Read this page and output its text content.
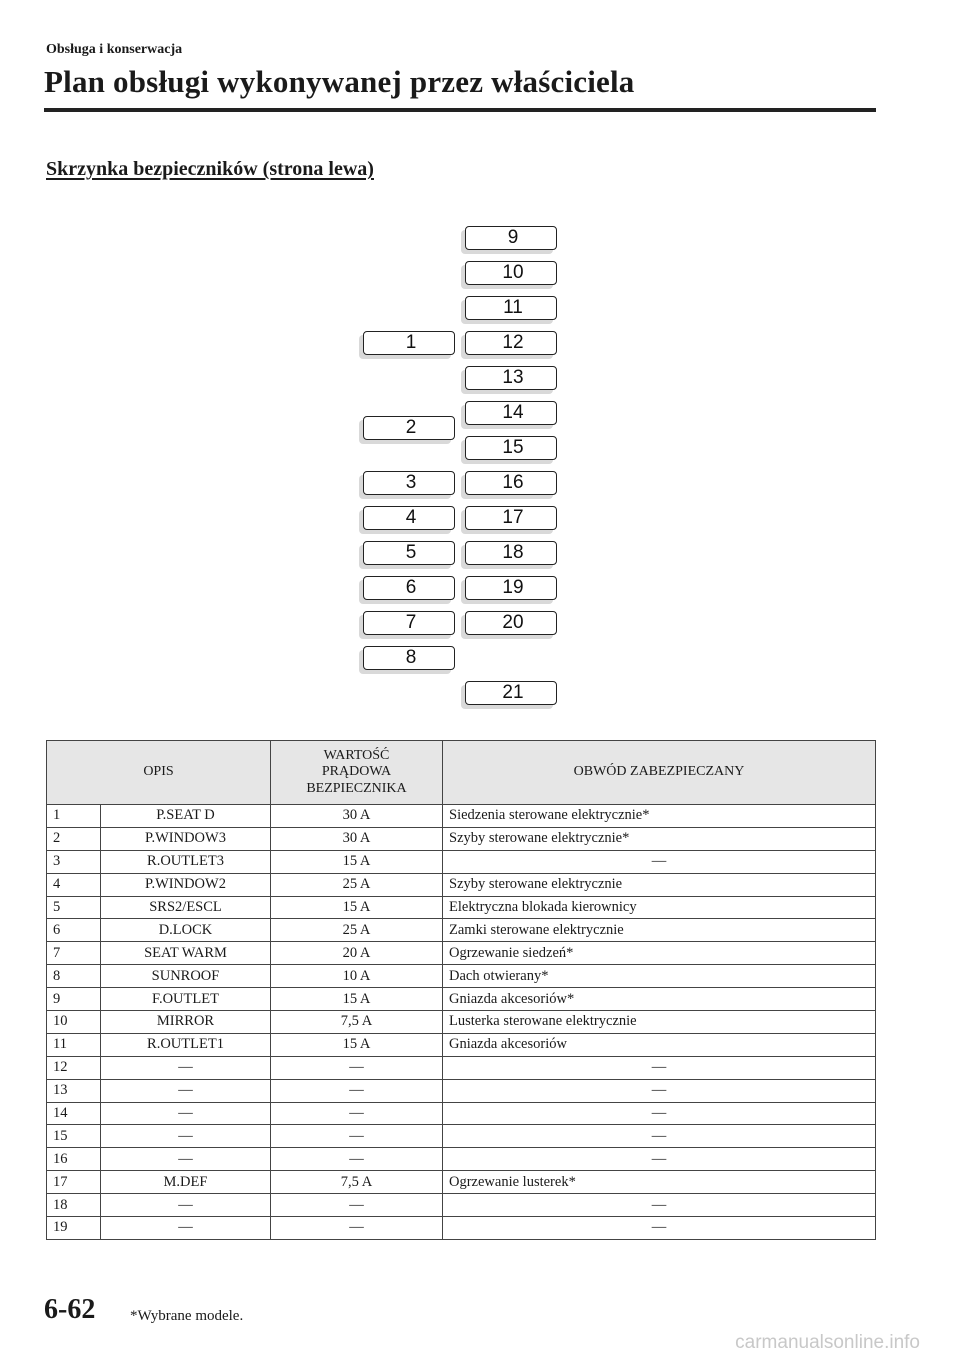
Obsługa i konserwacja
Plan obsługi wykonywanej przez właściciela
Skrzynka bezpieczników (strona lewa)
1
2
3
4
5
6
7
8
9
10
11
12
13
14
15
16
17
18
19
20
21
OPIS		WARTOŚĆ
PRĄDOWA
BEZPIECZNIKA	OBWÓD ZABEZPIECZANY
1	P.SEAT D	30 A	Siedzenia sterowane elektrycznie*
2	P.WINDOW3	30 A	Szyby sterowane elektrycznie*
3	R.OUTLET3	15 A	—
4	P.WINDOW2	25 A	Szyby sterowane elektrycznie
5	SRS2/ESCL	15 A	Elektryczna blokada kierownicy
6	D.LOCK	25 A	Zamki sterowane elektrycznie
7	SEAT WARM	20 A	Ogrzewanie siedzeń*
8	SUNROOF	10 A	Dach otwierany*
9	F.OUTLET	15 A	Gniazda akcesoriów*
10	MIRROR	7,5 A	Lusterka sterowane elektrycznie
11	R.OUTLET1	15 A	Gniazda akcesoriów
12	—	—	—
13	—	—	—
14	—	—	—
15	—	—	—
16	—	—	—
17	M.DEF	7,5 A	Ogrzewanie lusterek*
18	—	—	—
19	—	—	—
6-62 *Wybrane modele.
carmanualsonline.info
